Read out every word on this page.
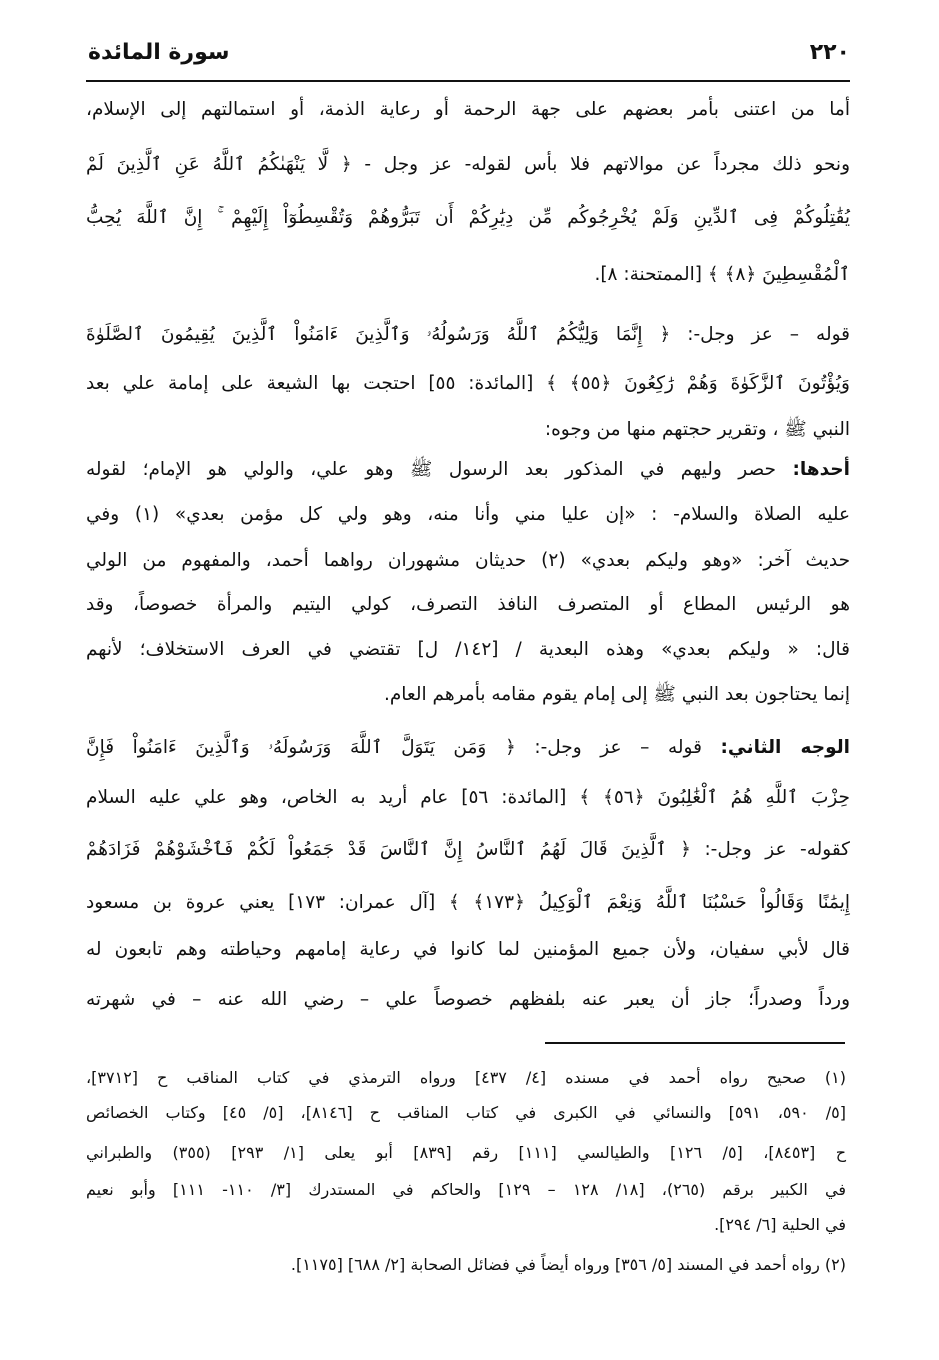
٢٢٠
سورة المائدة
أما من اعتنى بأمر بعضهم على جهة الرحمة أو رعاية الذمة، أو استمالتهم إلى الإسلام،
ونحو ذلك مجرداً عن موالاتهم فلا بأس لقوله- عز وجل - ﴿ لَّا يَنْهَىٰكُمُ ٱللَّهُ عَنِ ٱلَّذِينَ لَمْ
يُقَٰتِلُوكُمْ فِى ٱلدِّينِ وَلَمْ يُخْرِجُوكُم مِّن دِيَٰرِكُمْ أَن تَبَرُّوهُمْ وَتُقْسِطُوٓاْ إِلَيْهِمْ ۚ إِنَّ ٱللَّهَ يُحِبُّ
ٱلْمُقْسِطِينَ ﴿٨﴾ ﴾ [الممتحنة: ٨].
قوله – عز وجل-: ﴿ إِنَّمَا وَلِيُّكُمُ ٱللَّهُ وَرَسُولُهُۥ وَٱلَّذِينَ ءَامَنُواْ ٱلَّذِينَ يُقِيمُونَ ٱلصَّلَوٰةَ
وَيُؤْتُونَ ٱلزَّكَوٰةَ وَهُمْ رَٰكِعُونَ ﴿٥٥﴾ ﴾ [المائدة: ٥٥] احتجت بها الشيعة على إمامة علي بعد
النبي ﷺ ، وتقرير حجتهم منها من وجوه:
أحدها: حصر وليهم في المذكور بعد الرسول ﷺ وهو علي، والولي هو الإمام؛ لقوله
عليه الصلاة والسلام- : «إن عليا مني وأنا منه، وهو ولي كل مؤمن بعدي» (١) وفي
حديث آخر: «وهو وليكم بعدي» (٢) حديثان مشهوران رواهما أحمد، والمفهوم من الولي
هو الرئيس المطاع أو المتصرف النافذ التصرف، كولي اليتيم والمرأة خصوصاً، وقد
قال: « وليكم بعدي» وهذه البعدية / [١٤٢/ ل] تقتضي في العرف الاستخلاف؛ لأنهم
إنما يحتاجون بعد النبي ﷺ إلى إمام يقوم مقامه بأمرهم العام.
الوجه الثاني: قوله – عز وجل-: ﴿ وَمَن يَتَوَلَّ ٱللَّهَ وَرَسُولَهُۥ وَٱلَّذِينَ ءَامَنُواْ فَإِنَّ
حِزْبَ ٱللَّهِ هُمُ ٱلْغَٰلِبُونَ ﴿٥٦﴾ ﴾ [المائدة: ٥٦] عام أريد به الخاص، وهو علي عليه السلام
كقوله- عز وجل-: ﴿ ٱلَّذِينَ قَالَ لَهُمُ ٱلنَّاسُ إِنَّ ٱلنَّاسَ قَدْ جَمَعُواْ لَكُمْ فَٱخْشَوْهُمْ فَزَادَهُمْ
إِيمَٰنًا وَقَالُواْ حَسْبُنَا ٱللَّهُ وَنِعْمَ ٱلْوَكِيلُ ﴿١٧٣﴾ ﴾ [آل عمران: ١٧٣] يعني عروة بن مسعود
قال لأبي سفيان، ولأن جميع المؤمنين لما كانوا في رعاية إمامهم وحياطته وهم تابعون له
ورداً وصدراً؛ جاز أن يعبر عنه بلفظهم خصوصاً علي – رضي الله عنه – في شهرته
(١) صحيح رواه أحمد في مسنده [٤/ ٤٣٧] ورواه الترمذي في كتاب المناقب ح [٣٧١٢]،
[٥/ ٥٩٠، ٥٩١] والنسائي في الكبرى في كتاب المناقب ح [٨١٤٦]، [٥/ ٤٥] وكتاب الخصائص
ح [٨٤٥٣]، [٥/ ١٢٦] والطيالسي [١١١] رقم [٨٣٩] أبو يعلى [١/ ٢٩٣] (٣٥٥) والطبراني
في الكبير برقم (٢٦٥)، [١٨/ ١٢٨ – ١٢٩] والحاكم في المستدرك [٣/ ١١٠- ١١١] وأبو نعيم
في الحلية [٦/ ٢٩٤].
(٢) رواه أحمد في المسند [٥/ ٣٥٦] ورواه أيضاً في فضائل الصحابة [٢/ ٦٨٨] [١١٧٥].
